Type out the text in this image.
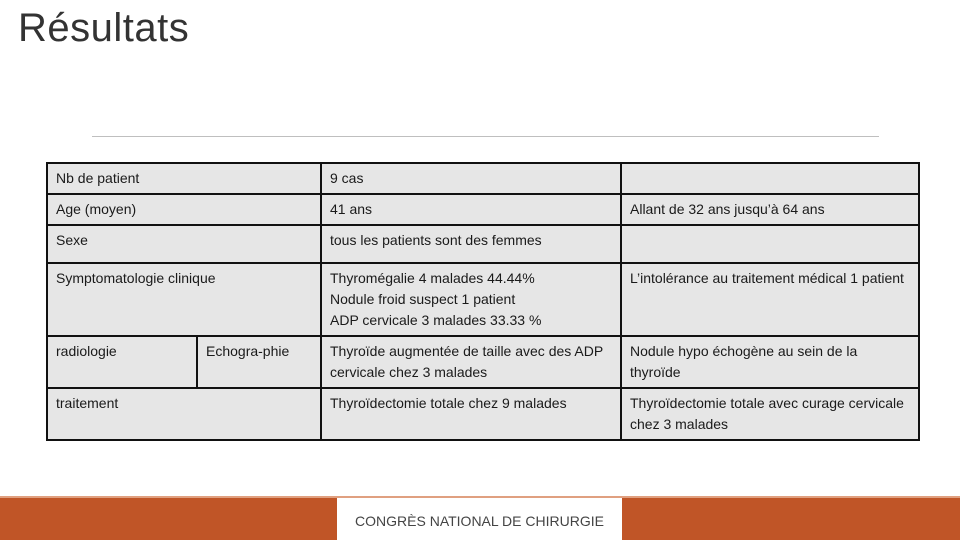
Résultats
Nb de patient		9 cas	
Age (moyen)		41 ans	Allant de 32 ans jusqu’à 64 ans
Sexe		tous les patients sont des femmes	
Symptomatologie clinique		Thyromégalie 4 malades 44.44%
Nodule froid suspect 1 patient
ADP cervicale 3 malades 33.33 %	L’intolérance au traitement médical 1 patient
radiologie	Echogra-phie	Thyroïde augmentée de taille avec des ADP cervicale chez 3 malades	Nodule hypo échogène au sein de la thyroïde
traitement		Thyroïdectomie totale chez 9 malades	Thyroïdectomie totale avec curage cervicale chez 3 malades
CONGRÈS NATIONAL DE CHIRURGIE
